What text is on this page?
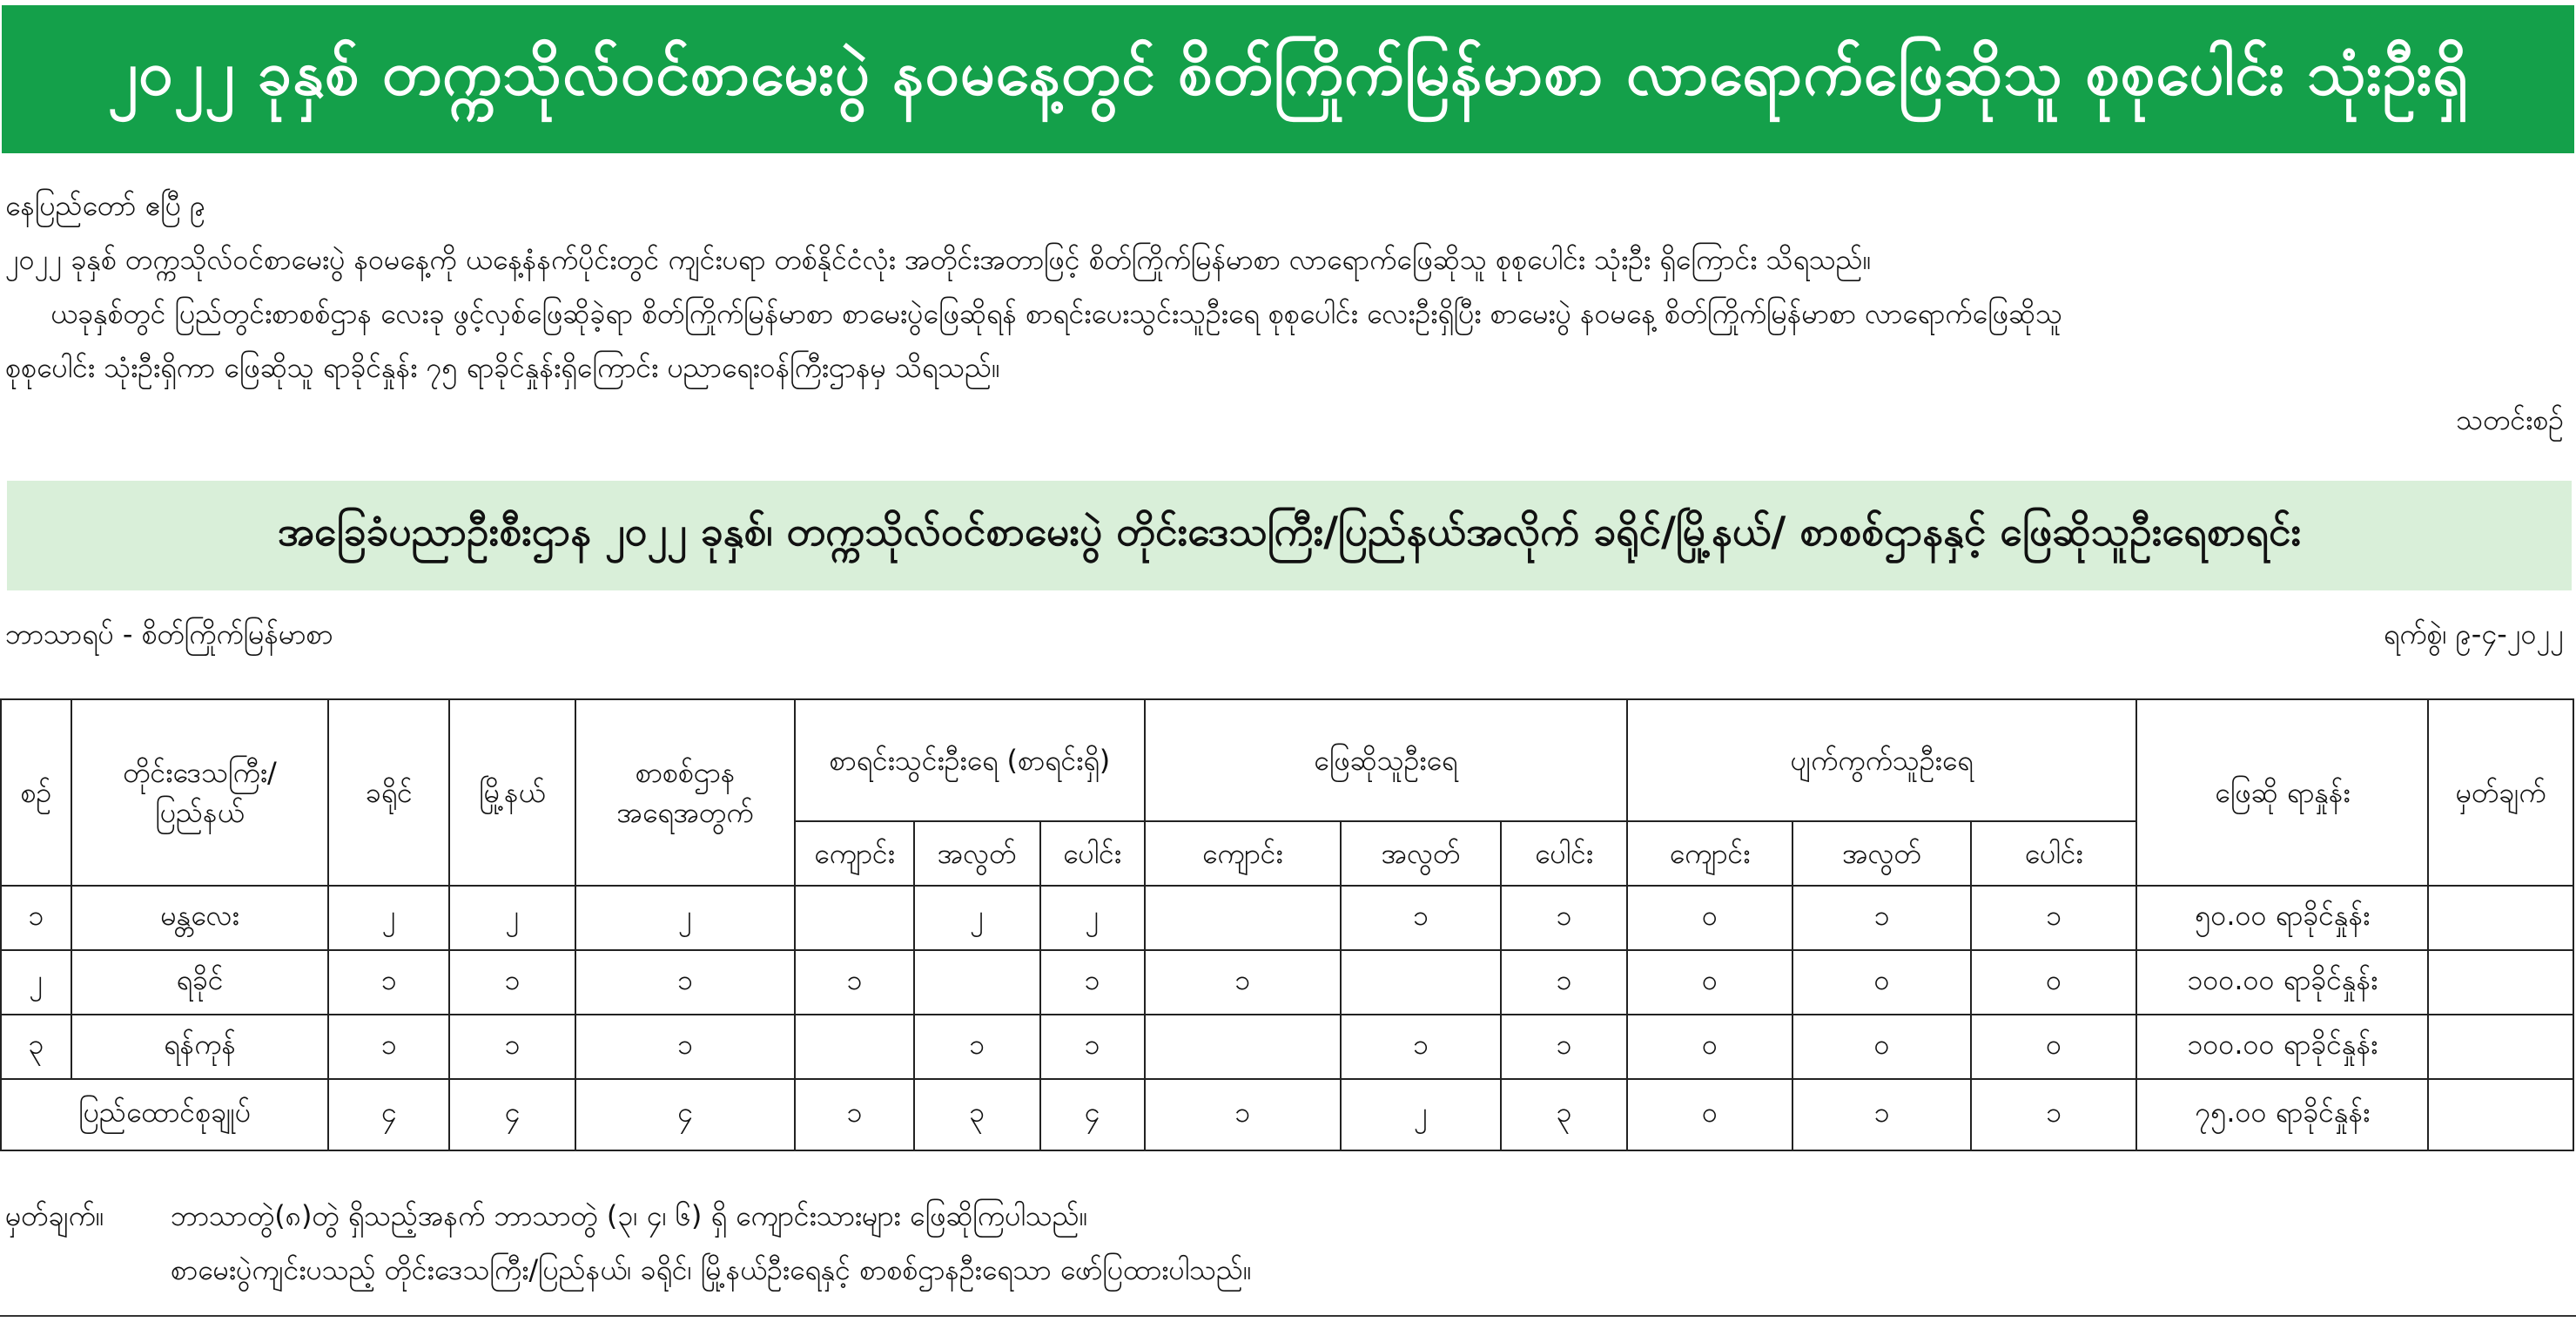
၂၀၂၂ ခုနှစ် တက္ကသိုလ်ဝင်စာမေးပွဲ နဝမနေ့တွင် စိတ်ကြိုက်မြန်မာစာ လာရောက်ဖြေဆိုသူ စုစုပေါင်း သုံးဦးရှိ
နေပြည်တော် ဧပြီ ၉
၂၀၂၂ ခုနှစ် တက္ကသိုလ်ဝင်စာမေးပွဲ နဝမနေ့ကို ယနေ့နံနက်ပိုင်းတွင် ကျင်းပရာ တစ်နိုင်ငံလုံး အတိုင်းအတာဖြင့် စိတ်ကြိုက်မြန်မာစာ လာရောက်ဖြေဆိုသူ စုစုပေါင်း သုံးဦး ရှိကြောင်း သိရသည်။
ယခုနှစ်တွင် ပြည်တွင်းစာစစ်ဌာန လေးခု ဖွင့်လှစ်ဖြေဆိုခဲ့ရာ စိတ်ကြိုက်မြန်မာစာ စာမေးပွဲဖြေဆိုရန် စာရင်းပေးသွင်းသူဦးရေ စုစုပေါင်း လေးဦးရှိပြီး စာမေးပွဲ နဝမနေ့ စိတ်ကြိုက်မြန်မာစာ လာရောက်ဖြေဆိုသူ
စုစုပေါင်း သုံးဦးရှိကာ ဖြေဆိုသူ ရာခိုင်နှုန်း ၇၅ ရာခိုင်နှုန်းရှိကြောင်း ပညာရေးဝန်ကြီးဌာနမှ သိရသည်။
သတင်းစဉ်
အခြေခံပညာဦးစီးဌာန ၂၀၂၂ ခုနှစ်၊ တက္ကသိုလ်ဝင်စာမေးပွဲ တိုင်းဒေသကြီး/ပြည်နယ်အလိုက် ခရိုင်/မြို့နယ်/ စာစစ်ဌာနနှင့် ဖြေဆိုသူဦးရေစာရင်း
ဘာသာရပ် - စိတ်ကြိုက်မြန်မာစာ	ရက်စွဲ၊ ၉-၄-၂၀၂၂
စဉ်	တိုင်းဒေသကြီး/ ပြည်နယ်	ခရိုင်	မြို့နယ်	စာစစ်ဌာန အရေအတွက်	စာရင်းသွင်းဦးရေ (စာရင်းရှိ)			ဖြေဆိုသူဦးရေ			ပျက်ကွက်သူဦးရေ			ဖြေဆို ရာနှုန်း	မှတ်ချက်
					ကျောင်း	အလွတ်	ပေါင်း	ကျောင်း	အလွတ်	ပေါင်း	ကျောင်း	အလွတ်	ပေါင်း		
၁	မန္တလေး	၂	၂	၂		၂	၂		၁	၁	၀	၁	၁	၅၀.၀၀ ရာခိုင်နှုန်း	
၂	ရခိုင်	၁	၁	၁	၁		၁	၁		၁	၀	၀	၀	၁၀၀.၀၀ ရာခိုင်နှုန်း	
၃	ရန်ကုန်	၁	၁	၁		၁	၁		၁	၁	၀	၀	၀	၁၀၀.၀၀ ရာခိုင်နှုန်း	
ပြည်ထောင်စုချုပ်		၄	၄	၄	၁	၃	၄	၁	၂	၃	၀	၁	၁	၇၅.၀၀ ရာခိုင်နှုန်း	
မှတ်ချက်။ ဘာသာတွဲ(၈)တွဲ ရှိသည့်အနက် ဘာသာတွဲ (၃၊ ၄၊ ၆) ရှိ ကျောင်းသားများ ဖြေဆိုကြပါသည်။
စာမေးပွဲကျင်းပသည့် တိုင်းဒေသကြီး/ပြည်နယ်၊ ခရိုင်၊ မြို့နယ်ဦးရေနှင့် စာစစ်ဌာနဦးရေသာ ဖော်ပြထားပါသည်။
